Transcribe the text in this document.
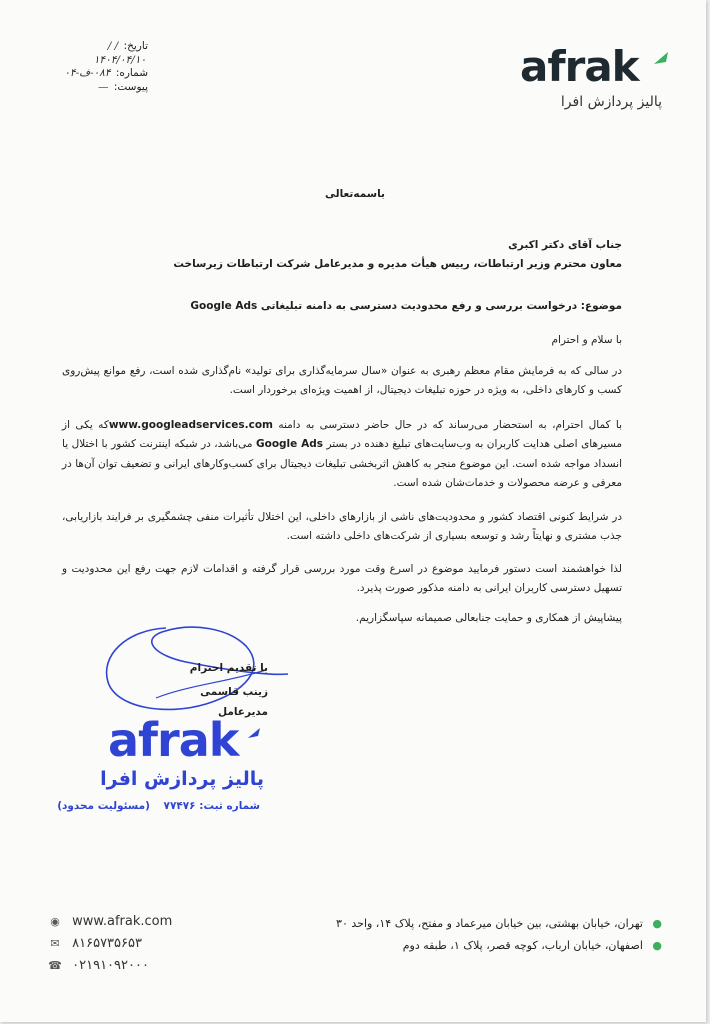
afrak
پالیز پردازش افرا
تاریخ: / /
۱۴۰۴/۰۴/۱۰
شماره: ۰۸۴-ف-۰۴
پیوست: —
باسمه‌تعالی
جناب آقای دکتر اکبری
معاون محترم وزیر ارتباطات، رییس هیأت مدیره و مدیرعامل شرکت ارتباطات زیرساخت
موضوع: درخواست بررسی و رفع محدودیت دسترسی به دامنه تبلیغاتی Google Ads
با سلام و احترام
در سالی که به فرمایش مقام معظم رهبری به عنوان «سال سرمایه‌گذاری برای تولید» نام‌گذاری شده است، رفع موانع پیش‌روی کسب و کارهای داخلی، به ویژه در حوزه تبلیغات دیجیتال، از اهمیت ویژه‌ای برخوردار است.
با کمال احترام، به استحضار می‌رساند که در حال حاضر دسترسی به دامنه www.googleadservices.comکه یکی از مسیرهای اصلی هدایت کاربران به وب‌سایت‌های تبلیغ دهنده در بستر Google Ads می‌باشد، در شبکه اینترنت کشور با اختلال یا انسداد مواجه شده است. این موضوع منجر به کاهش اثربخشی تبلیغات دیجیتال برای کسب‌وکارهای ایرانی و تضعیف توان آن‌ها در معرفی و عرضه محصولات و خدمات‌شان شده است.
در شرایط کنونی اقتصاد کشور و محدودیت‌های ناشی از بازارهای داخلی، این اختلال تأثیرات منفی چشمگیری بر فرایند بازاریابی، جذب مشتری و نهایتاً رشد و توسعه بسیاری از شرکت‌های داخلی داشته است.
لذا خواهشمند است دستور فرمایید موضوع در اسرع وقت مورد بررسی قرار گرفته و اقدامات لازم جهت رفع این محدودیت و تسهیل دسترسی کاربران ایرانی به دامنه مذکور صورت پذیرد.
پیشاپیش از همکاری و حمایت جنابعالی صمیمانه سپاسگزاریم.
با تقدیم احترام
زینب قاسمی
مدیرعامل
afrak
پالیز پردازش افرا
شماره ثبت: ۷۷۴۷۶ (مسئولیت محدود)
◉ www.afrak.com
✉ ۸۱۶۵۷۳۵۶۵۳
☎ ۰۲۱۹۱۰۹۲۰۰۰
● تهران، خیابان بهشتی، بین خیابان میرعماد و مفتح، پلاک ۱۴، واحد ۳۰
● اصفهان، خیابان ارباب، کوچه قصر، پلاک ۱، طبقه دوم
